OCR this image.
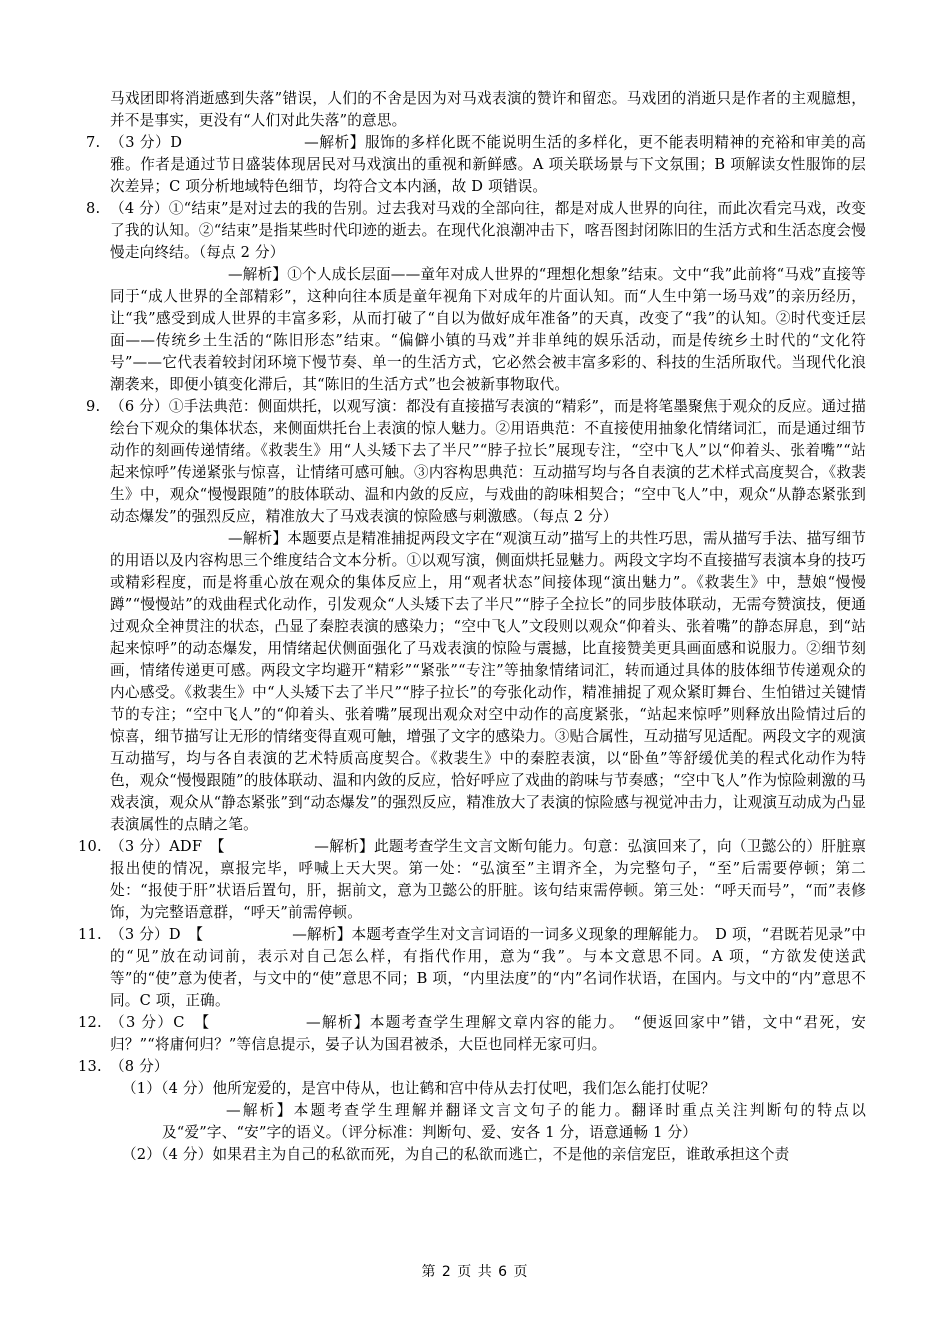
马戏团即将消逝感到失落”错误，人们的不舍是因为对马戏表演的赞许和留恋。马戏团的消逝只是作者的主观臆想，并不是事实，更没有“人们对此失落”的意思。

7. （3 分）D　　　　　　　　—解析】服饰的多样化既不能说明生活的多样化，更不能表明精神的充裕和审美的高雅。作者是通过节日盛装体现居民对马戏演出的重视和新鲜感。A 项关联场景与下文氛围；B 项解读女性服饰的层次差异；C 项分析地域特色细节，均符合文本内涵，故 D 项错误。

8. （4 分）①“结束”是对过去的我的告别。过去我对马戏的全部向往，都是对成人世界的向往，而此次看完马戏，改变了我的认知。②“结束”是指某些时代印迹的逝去。在现代化浪潮冲击下，喀吾图封闭陈旧的生活方式和生活态度会慢慢走向终结。（每点 2 分）

—解析】①个人成长层面——童年对成人世界的“理想化想象”结束。文中“我”此前将“马戏”直接等同于“成人世界的全部精彩”，这种向往本质是童年视角下对成年的片面认知。而“人生中第一场马戏”的亲历经历，让“我”感受到成人世界的丰富多彩，从而打破了“自以为做好成年准备”的天真，改变了“我”的认知。②时代变迁层面——传统乡土生活的“陈旧形态”结束。“偏僻小镇的马戏”并非单纯的娱乐活动，而是传统乡土时代的“文化符号”——它代表着较封闭环境下慢节奏、单一的生活方式，它必然会被丰富多彩的、科技的生活所取代。当现代化浪潮袭来，即便小镇变化滞后，其“陈旧的生活方式”也会被新事物取代。

9. （6 分）①手法典范：侧面烘托，以观写演：都没有直接描写表演的“精彩”，而是将笔墨聚焦于观众的反应。通过描绘台下观众的集体状态，来侧面烘托台上表演的惊人魅力。②用语典范：不直接使用抽象化情绪词汇，而是通过细节动作的刻画传递情绪。《救裴生》用“人头矮下去了半尺”“脖子拉长”展现专注，“空中飞人”以“仰着头、张着嘴”“站起来惊呼”传递紧张与惊喜，让情绪可感可触。③内容构思典范：互动描写均与各自表演的艺术样式高度契合，《救裴生》中，观众“慢慢跟随”的肢体联动、温和内敛的反应，与戏曲的韵味相契合；“空中飞人”中，观众“从静态紧张到动态爆发”的强烈反应，精准放大了马戏表演的惊险感与刺激感。（每点 2 分）

—解析】本题要点是精准捕捉两段文字在“观演互动”描写上的共性巧思，需从描写手法、描写细节的用语以及内容构思三个维度结合文本分析。①以观写演，侧面烘托显魅力。两段文字均不直接描写表演本身的技巧或精彩程度，而是将重心放在观众的集体反应上，用“观者状态”间接体现“演出魅力”。《救裴生》中，慧娘“慢慢蹲”“慢慢站”的戏曲程式化动作，引发观众“人头矮下去了半尺”“脖子全拉长”的同步肢体联动，无需夸赞演技，便通过观众全神贯注的状态，凸显了秦腔表演的感染力；“空中飞人”文段则以观众“仰着头、张着嘴”的静态屏息，到“站起来惊呼”的动态爆发，用情绪起伏侧面强化了马戏表演的惊险与震撼，比直接赞美更具画面感和说服力。②细节刻画，情绪传递更可感。两段文字均避开“精彩”“紧张”“专注”等抽象情绪词汇，转而通过具体的肢体细节传递观众的内心感受。《救裴生》中“人头矮下去了半尺”“脖子拉长”的夸张化动作，精准捕捉了观众紧盯舞台、生怕错过关键情节的专注；“空中飞人”的“仰着头、张着嘴”展现出观众对空中动作的高度紧张，“站起来惊呼”则释放出险情过后的惊喜，细节描写让无形的情绪变得直观可触，增强了文字的感染力。③贴合属性，互动描写见适配。两段文字的观演互动描写，均与各自表演的艺术特质高度契合。《救裴生》中的秦腔表演，以“卧鱼”等舒缓优美的程式化动作为特色，观众“慢慢跟随”的肢体联动、温和内敛的反应，恰好呼应了戏曲的韵味与节奏感；“空中飞人”作为惊险刺激的马戏表演，观众从“静态紧张”到“动态爆发”的强烈反应，精准放大了表演的惊险感与视觉冲击力，让观演互动成为凸显表演属性的点睛之笔。

10. （3 分）ADF　【　　　　　　—解析】此题考查学生文言文断句能力。句意：弘演回来了，向（卫懿公的）肝脏禀报出使的情况，禀报完毕，呼喊上天大哭。第一处：“弘演至”主谓齐全，为完整句子，“至”后需要停顿；第二处：“报使于肝”状语后置句，肝，据前文，意为卫懿公的肝脏。该句结束需停顿。第三处：“呼天而号”，“而”表修饰，为完整语意群，“呼天”前需停顿。

11. （3 分）D　【　　　　　　—解析】本题考查学生对文言词语的一词多义现象的理解能力。　D 项，“君既若见录”中的“见”放在动词前，表示对自己怎么样，有指代作用，意为“我”。与本文意思不同。A 项，“方欲发使送武等”的“使”意为使者，与文中的“使”意思不同；B 项，“内里法度”的“内”名词作状语，在国内。与文中的“内”意思不同。C 项，正确。

12. （3 分）C　【　　　　　　—解析】本题考查学生理解文章内容的能力。　“便返回家中”错，文中“君死，安归？”“将庸何归？”等信息提示，晏子认为国君被杀，大臣也同样无家可归。

13. （8 分）

（1）（4 分）他所宠爱的，是宫中侍从，也让鹤和宫中侍从去打仗吧，我们怎么能打仗呢？

—解析】本题考查学生理解并翻译文言文句子的能力。翻译时重点关注判断句的特点以及“爱”字、“安”字的语义。（评分标准：判断句、爱、安各 1 分，语意通畅 1 分）

（2）（4 分）如果君主为自己的私欲而死，为自己的私欲而逃亡，不是他的亲信宠臣，谁敢承担这个责

第 2 页 共 6 页
